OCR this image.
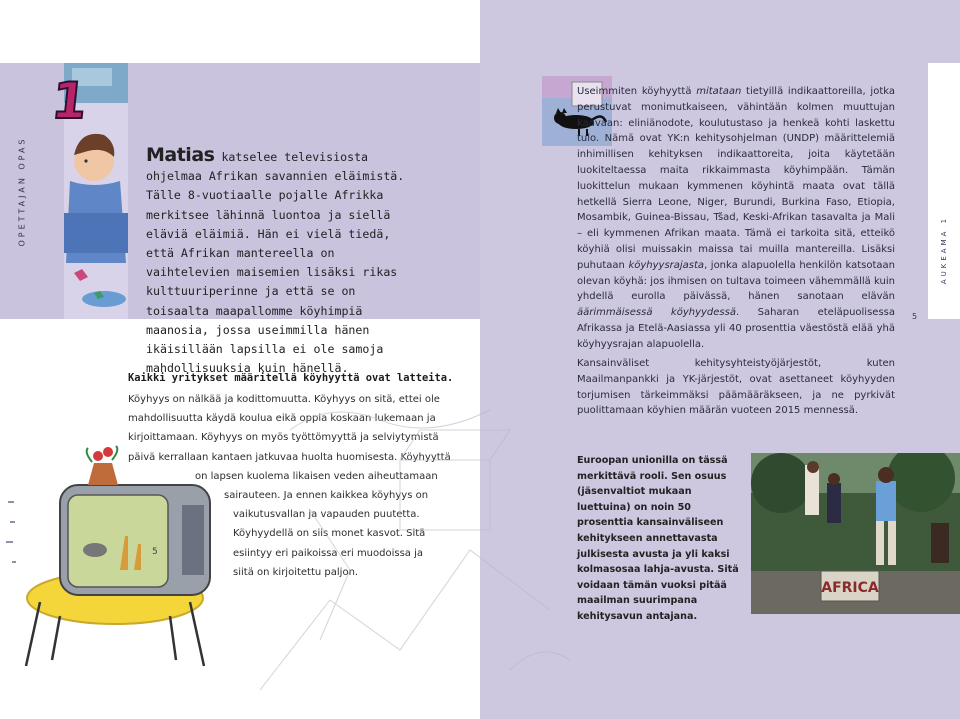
OPETTAJAN OPAS
1
Matias katselee televisiosta ohjelmaa Afrikan savannien eläimistä. Tälle 8-vuotiaalle pojalle Afrikka merkitsee lähinnä luontoa ja siellä eläviä eläimiä. Hän ei vielä tiedä, että Afrikan mantereella on vaihtelevien maisemien lisäksi rikas kulttuuriperinne ja että se on toisaalta maapallomme köyhimpiä maanosia, jossa useimmilla hänen ikäisillään lapsilla ei ole samoja mahdollisuuksia kuin hänellä.
AUKEAMA 1
5

Useimmiten köyhyyttä mitataan tietyillä indikaattoreilla, jotka perustuvat monimutkaiseen, vähintään kolmen muuttujan kaavaan: eliniänodote, koulutustaso ja henkeä kohti laskettu tulo. Nämä ovat YK:n kehitysohjelman (UNDP) määrittelemiä inhimillisen kehityksen indikaattoreita, joita käytetään luokiteltaessa maita rikkaimmasta köyhimpään. Tämän luokittelun mukaan kymmenen köyhintä maata ovat tällä hetkellä Sierra Leone, Niger, Burundi, Burkina Faso, Etiopia, Mosambik, Guinea-Bissau, Tšad, Keski-Afrikan tasavalta ja Mali – eli kymmenen Afrikan maata. Tämä ei tarkoita sitä, etteikö köyhiä olisi muissakin maissa tai muilla mantereilla. Lisäksi puhutaan köyhyysrajasta, jonka alapuolella henkilön katsotaan olevan köyhä: jos ihmisen on tultava toimeen vähemmällä kuin yhdellä eurolla päivässä, hänen sanotaan elävän äärimmäisessä köyhyydessä. Saharan eteläpuolisessa Afrikassa ja Etelä-Aasiassa yli 40 prosenttia väestöstä elää yhä köyhyysrajan alapuolella.

Kansainväliset kehitysyhteistyöjärjestöt, kuten Maailmanpankki ja YK-järjestöt, ovat asettaneet köyhyyden torjumisen tärkeimmäksi päämääräkseen, ja ne pyrkivät puolittamaan köyhien määrän vuoteen 2015 mennessä.
Euroopan unionilla on tässä merkittävä rooli. Sen osuus (jäsenvaltiot mukaan luettuina) on noin 50 prosenttia kansainväliseen kehitykseen annettavasta julkisesta avusta ja yli kaksi kolmasosaa lahja-avusta. Sitä voidaan tämän vuoksi pitää maailman suurimpana kehitysavun antajana.
AFRICA
Kaikki yritykset määritellä köyhyyttä ovat latteita.
Köyhyys on nälkää ja kodittomuutta. Köyhyys on sitä, ettei ole
mahdollisuutta käydä koulua eikä oppia koskaan lukemaan ja
kirjoittamaan. Köyhyys on myös työttömyyttä ja selviytymistä
päivä kerrallaan kantaen jatkuvaa huolta huomisesta. Köyhyyttä
on lapsen kuolema likaisen veden aiheuttamaan
sairauteen. Ja ennen kaikkea köyhyys on
vaikutusvallan ja vapauden puutetta.
Köyhyydellä on siis monet kasvot. Sitä
esiintyy eri paikoissa eri muodoissa ja
siitä on kirjoitettu paljon.
5
